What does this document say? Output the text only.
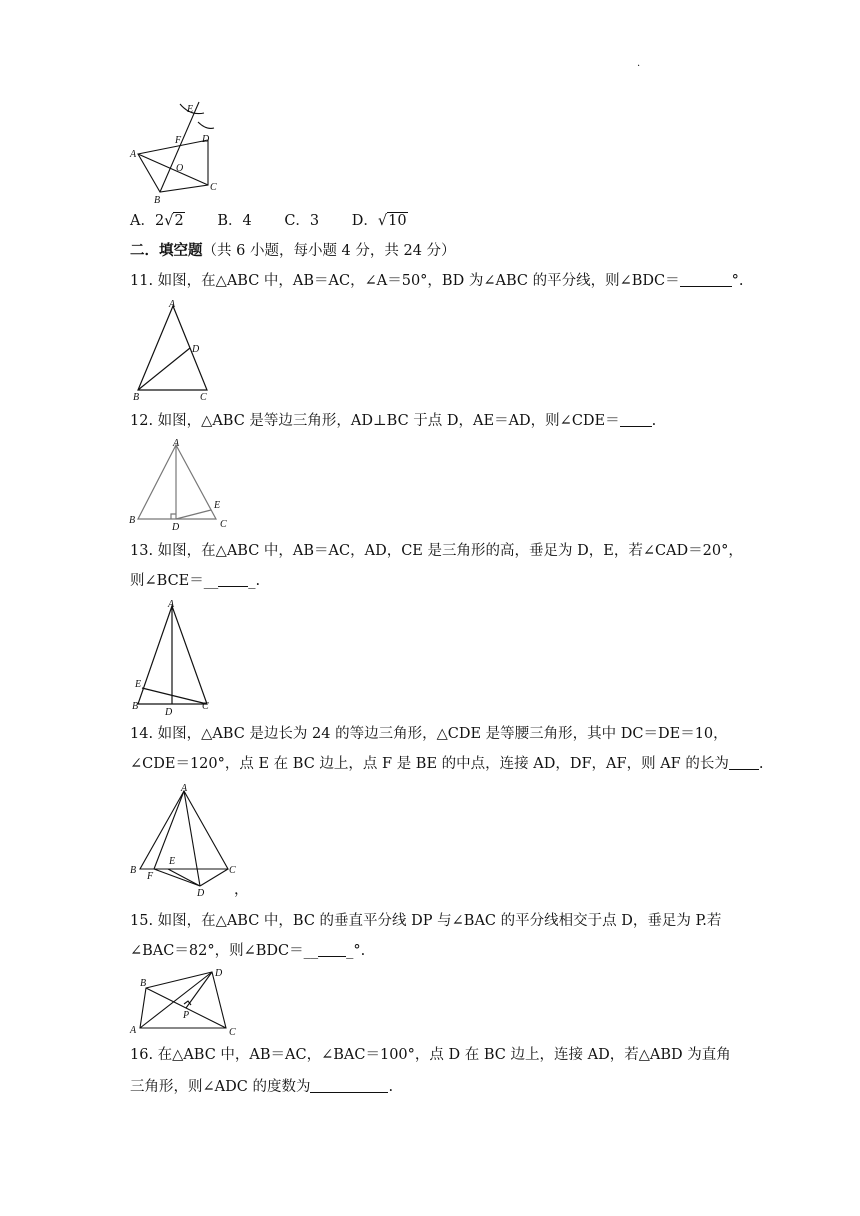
.
A
B
C
D
E
F
O
A．2√2 B．4 C．3 D．√10
二．填空题（共 6 小题，每小题 4 分，共 24 分）
11. 如图，在△ABC 中，AB＝AC，∠A＝50°，BD 为∠ABC 的平分线，则∠BDC＝	°.
A
B	C
D
12. 如图，△ABC 是等边三角形，AD⊥BC 于点 D，AE＝AD，则∠CDE＝ .
A
B	C
D
E
13. 如图，在△ABC 中，AB＝AC，AD，CE 是三角形的高，垂足为 D，E，若∠CAD＝20°，
则∠BCE＝__ _.
A
B	C
D
E
14. 如图，△ABC 是边长为 24 的等边三角形，△CDE 是等腰三角形，其中 DC＝DE＝10，
∠CDE＝120°，点 E 在 BC 边上，点 F 是 BE 的中点，连接 AD，DF，AF，则 AF 的长为 .
A
B	C
D
E
F
，
15. 如图，在△ABC 中，BC 的垂直平分线 DP 与∠BAC 的平分线相交于点 D，垂足为 P.若
∠BAC＝82°，则∠BDC＝__ _°.
B
D
A	C
P
16. 在△ABC 中，AB＝AC，∠BAC＝100°，点 D 在 BC 边上，连接 AD，若△ABD 为直角
三角形，则∠ADC 的度数为	.
